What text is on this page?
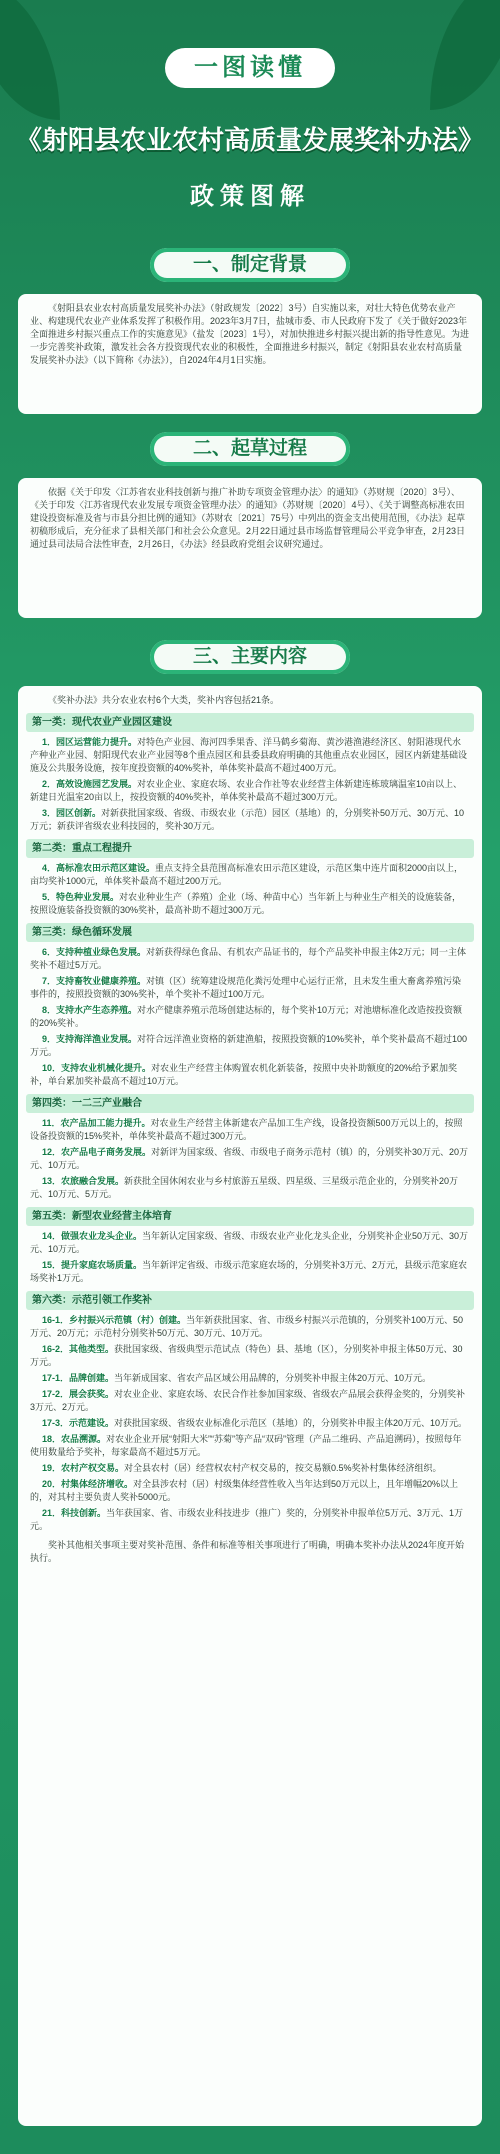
一图读懂
《射阳县农业农村高质量发展奖补办法》
政策图解
一、制定背景

《射阳县农业农村高质量发展奖补办法》（射政规发〔2022〕3号）自实施以来，对壮大特色优势农业产业、构建现代农业产业体系发挥了积极作用。2023年3月7日，盐城市委、市人民政府下发了《关于做好2023年全面推进乡村振兴重点工作的实施意见》（盐发〔2023〕1号），对加快推进乡村振兴提出新的指导性意见。为进一步完善奖补政策，激发社会各方投资现代农业的积极性，全面推进乡村振兴，制定《射阳县农业农村高质量发展奖补办法》（以下简称《办法》），自2024年4月1日实施。

二、起草过程

依据《关于印发〈江苏省农业科技创新与推广补助专项资金管理办法〉的通知》（苏财规〔2020〕3号）、《关于印发〈江苏省现代农业发展专项资金管理办法〉的通知》（苏财规〔2020〕4号）、《关于调整高标准农田建设投资标准及省与市县分担比例的通知》（苏财农〔2021〕75号）中列出的资金支出使用范围，《办法》起草初稿形成后，充分征求了县相关部门和社会公众意见。2月22日通过县市场监督管理局公平竞争审查，2月23日通过县司法局合法性审查，2月26日，《办法》经县政府党组会议研究通过。

三、主要内容

《奖补办法》共分农业农村6个大类，奖补内容包括21条。

第一类：现代农业产业园区建设

1．园区运营能力提升。对特色产业园、海河四季果香、洋马鹤乡菊海、黄沙港渔港经济区、射阳港现代水产种业产业园、射阳现代农业产业园等8个重点园区和县委县政府明确的其他重点农业园区，园区内新建基础设施及公共服务设施，按年度投资额的40%奖补，单体奖补最高不超过400万元。

2．高效设施园艺发展。对农业企业、家庭农场、农业合作社等农业经营主体新建连栋玻璃温室10亩以上、新建日光温室20亩以上，按投资额的40%奖补，单体奖补最高不超过300万元。

3．园区创新。对新获批国家级、省级、市级农业（示范）园区（基地）的，分别奖补50万元、30万元、10万元；新获评省级农业科技园的，奖补30万元。

第二类：重点工程提升

4．高标准农田示范区建设。重点支持全县范围高标准农田示范区建设，示范区集中连片面积2000亩以上，亩均奖补1000元，单体奖补最高不超过200万元。

5．特色种业发展。对农业种业生产（养殖）企业（场、种苗中心）当年新上与种业生产相关的设施装备，按照设施装备投资额的30%奖补，最高补助不超过300万元。

第三类：绿色循环发展

6．支持种植业绿色发展。对新获得绿色食品、有机农产品证书的，每个产品奖补申报主体2万元；同一主体奖补不超过5万元。

7．支持畜牧业健康养殖。对镇（区）统筹建设规范化粪污处理中心运行正常，且未发生重大畜禽养殖污染事件的，按照投资额的30%奖补，单个奖补不超过100万元。

8．支持水产生态养殖。对水产健康养殖示范场创建达标的，每个奖补10万元；对池塘标准化改造按投资额的20%奖补。

9．支持海洋渔业发展。对符合远洋渔业资格的新建渔船，按照投资额的10%奖补，单个奖补最高不超过100万元。

10．支持农业机械化提升。对农业生产经营主体购置农机化新装备，按照中央补助额度的20%给予累加奖补，单台累加奖补最高不超过10万元。

第四类：一二三产业融合

11．农产品加工能力提升。对农业生产经营主体新建农产品加工生产线，设备投资额500万元以上的，按照设备投资额的15%奖补，单体奖补最高不超过300万元。

12．农产品电子商务发展。对新评为国家级、省级、市级电子商务示范村（镇）的，分别奖补30万元、20万元、10万元。

13．农旅融合发展。新获批全国休闲农业与乡村旅游五星级、四星级、三星级示范企业的，分别奖补20万元、10万元、5万元。

第五类：新型农业经营主体培育

14．做强农业龙头企业。当年新认定国家级、省级、市级农业产业化龙头企业，分别奖补企业50万元、30万元、10万元。

15．提升家庭农场质量。当年新评定省级、市级示范家庭农场的，分别奖补3万元、2万元，县级示范家庭农场奖补1万元。

第六类：示范引领工作奖补

16-1．乡村振兴示范镇（村）创建。当年新获批国家、省、市级乡村振兴示范镇的，分别奖补100万元、50万元、20万元；示范村分别奖补50万元、30万元、10万元。

16-2．其他类型。获批国家级、省级典型示范试点（特色）县、基地（区），分别奖补申报主体50万元、30万元。

17-1．品牌创建。当年新成国家、省农产品区域公用品牌的，分别奖补申报主体20万元、10万元。

17-2．展会获奖。对农业企业、家庭农场、农民合作社参加国家级、省级农产品展会获得金奖的，分别奖补3万元、2万元。

17-3．示范建设。对获批国家级、省级农业标准化示范区（基地）的，分别奖补申报主体20万元、10万元。

18．农品溯源。对农业企业开展“射阳大米”“苏菊”等产品“双码”管理（产品二维码、产品追溯码），按照每年使用数量给予奖补，每家最高不超过5万元。

19．农村产权交易。对全县农村（居）经营权农村产权交易的，按交易额0.5%奖补村集体经济组织。

20．村集体经济增收。对全县涉农村（居）村级集体经营性收入当年达到50万元以上，且年增幅20%以上的，对其村主要负责人奖补5000元。

21．科技创新。当年获国家、省、市级农业科技进步（推广）奖的，分别奖补申报单位5万元、3万元、1万元。

奖补其他相关事项主要对奖补范围、条件和标准等相关事项进行了明确，明确本奖补办法从2024年度开始执行。
